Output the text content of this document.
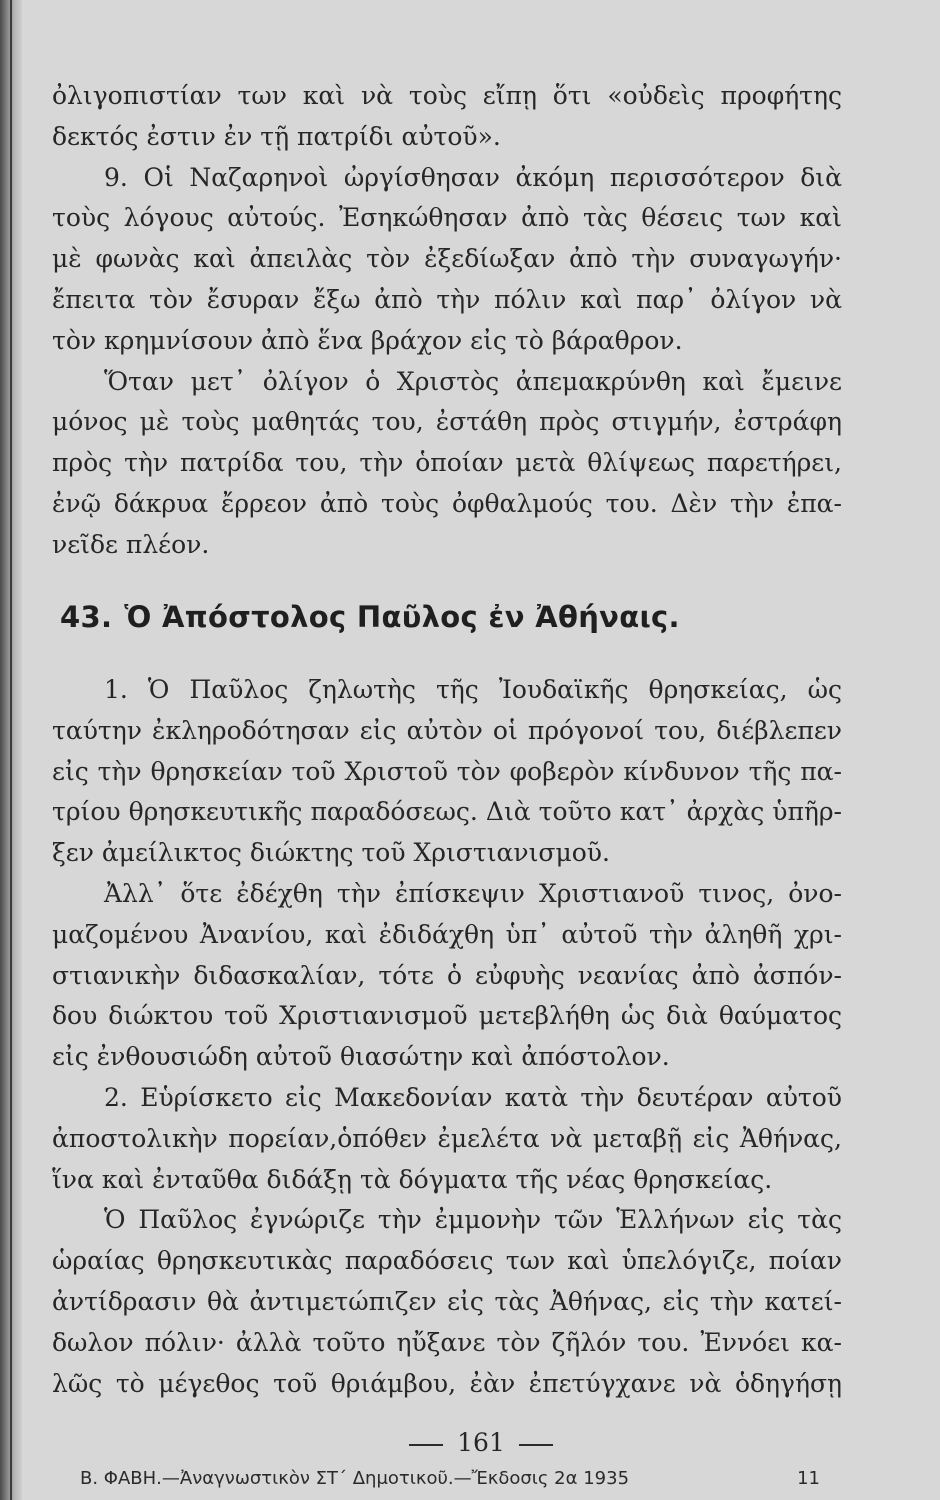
ὀλιγοπιστίαν των καὶ νὰ τοὺς εἴπῃ ὅτι «οὐδεὶς προφήτης
δεκτός ἐστιν ἐν τῇ πατρίδι αὐτοῦ».
9. Οἱ Ναζαρηνοὶ ὠργίσθησαν ἀκόμη περισσότερον διὰ
τοὺς λόγους αὐτούς. Ἐσηκώθησαν ἀπὸ τὰς θέσεις των καὶ
μὲ φωνὰς καὶ ἀπειλὰς τὸν ἐξεδίωξαν ἀπὸ τὴν συναγωγήν·
ἔπειτα τὸν ἔσυραν ἔξω ἀπὸ τὴν πόλιν καὶ παρ᾽ ὀλίγον νὰ
τὸν κρημνίσουν ἀπὸ ἕνα βράχον εἰς τὸ βάραθρον.
Ὅταν μετ᾽ ὀλίγον ὁ Χριστὸς ἀπεμακρύνθη καὶ ἔμεινε
μόνος μὲ τοὺς μαθητάς του, ἐστάθη πρὸς στιγμήν, ἐστράφη
πρὸς τὴν πατρίδα του, τὴν ὁποίαν μετὰ θλίψεως παρετήρει,
ἐνῷ δάκρυα ἔρρεον ἀπὸ τοὺς ὀφθαλμούς του. Δὲν τὴν ἐπα-
νεῖδε πλέον.
43. Ὁ Ἀπόστολος Παῦλος ἐν Ἀθήναις.
1. Ὁ Παῦλος ζηλωτὴς τῆς Ἰουδαϊκῆς θρησκείας, ὡς
ταύτην ἐκληροδότησαν εἰς αὐτὸν οἱ πρόγονοί του, διέβλεπεν
εἰς τὴν θρησκείαν τοῦ Χριστοῦ τὸν φοβερὸν κίνδυνον τῆς πα-
τρίου θρησκευτικῆς παραδόσεως. Διὰ τοῦτο κατ᾽ ἀρχὰς ὑπῆρ-
ξεν ἀμείλικτος διώκτης τοῦ Χριστιανισμοῦ.
Ἀλλ᾽ ὅτε ἐδέχθη τὴν ἐπίσκεψιν Χριστιανοῦ τινος, ὀνο-
μαζομένου Ἀνανίου, καὶ ἐδιδάχθη ὑπ᾽ αὐτοῦ τὴν ἀληθῆ χρι-
στιανικὴν διδασκαλίαν, τότε ὁ εὐφυὴς νεανίας ἀπὸ ἀσπόν-
δου διώκτου τοῦ Χριστιανισμοῦ μετεβλήθη ὡς διὰ θαύματος
εἰς ἐνθουσιώδη αὐτοῦ θιασώτην καὶ ἀπόστολον.
2. Εὑρίσκετο εἰς Μακεδονίαν κατὰ τὴν δευτέραν αὐτοῦ
ἀποστολικὴν πορείαν,ὁπόθεν ἐμελέτα νὰ μεταβῇ εἰς Ἀθήνας,
ἵνα καὶ ἐνταῦθα διδάξῃ τὰ δόγματα τῆς νέας θρησκείας.
Ὁ Παῦλος ἐγνώριζε τὴν ἐμμονὴν τῶν Ἑλλήνων εἰς τὰς
ὡραίας θρησκευτικὰς παραδόσεις των καὶ ὑπελόγιζε, ποίαν
ἀντίδρασιν θὰ ἀντιμετώπιζεν εἰς τὰς Ἀθήνας, εἰς τὴν κατεί-
δωλον πόλιν· ἀλλὰ τοῦτο ηὔξανε τὸν ζῆλόν του. Ἐννόει κα-
λῶς τὸ μέγεθος τοῦ θριάμβου, ἐὰν ἐπετύγχανε νὰ ὁδηγήσῃ
161
Β. ΦΑΒΗ.—Ἀναγνωστικὸν ΣΤ´ Δημοτικοῦ.—Ἔκδοσις 2α 1935	11
